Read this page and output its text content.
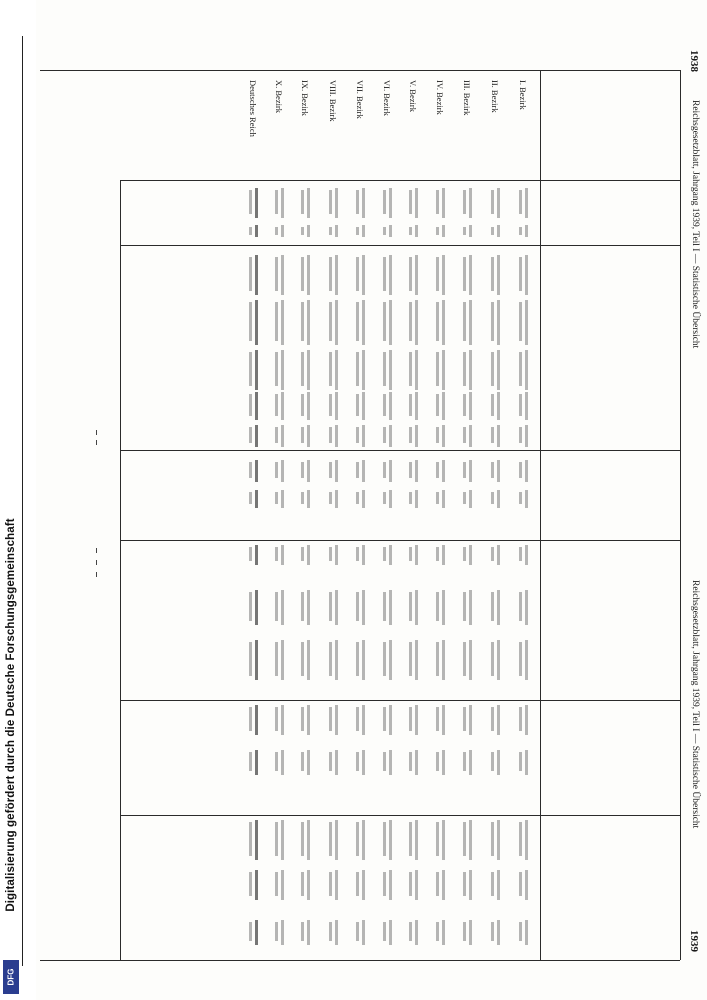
1938
1939
Reichsgesetzblatt, Jahrgang 1939, Teil I — Statistische Übersicht
Reichsgesetzblatt, Jahrgang 1939, Teil I — Statistische Übersicht
I. Bezirk
II. Bezirk
III. Bezirk
IV. Bezirk
V. Bezirk
VI. Bezirk
VII. Bezirk
VIII. Bezirk
IX. Bezirk
X. Bezirk
Deutsches Reich
Digitalisierung gefördert durch die Deutsche Forschungsgemeinschaft
DFG
